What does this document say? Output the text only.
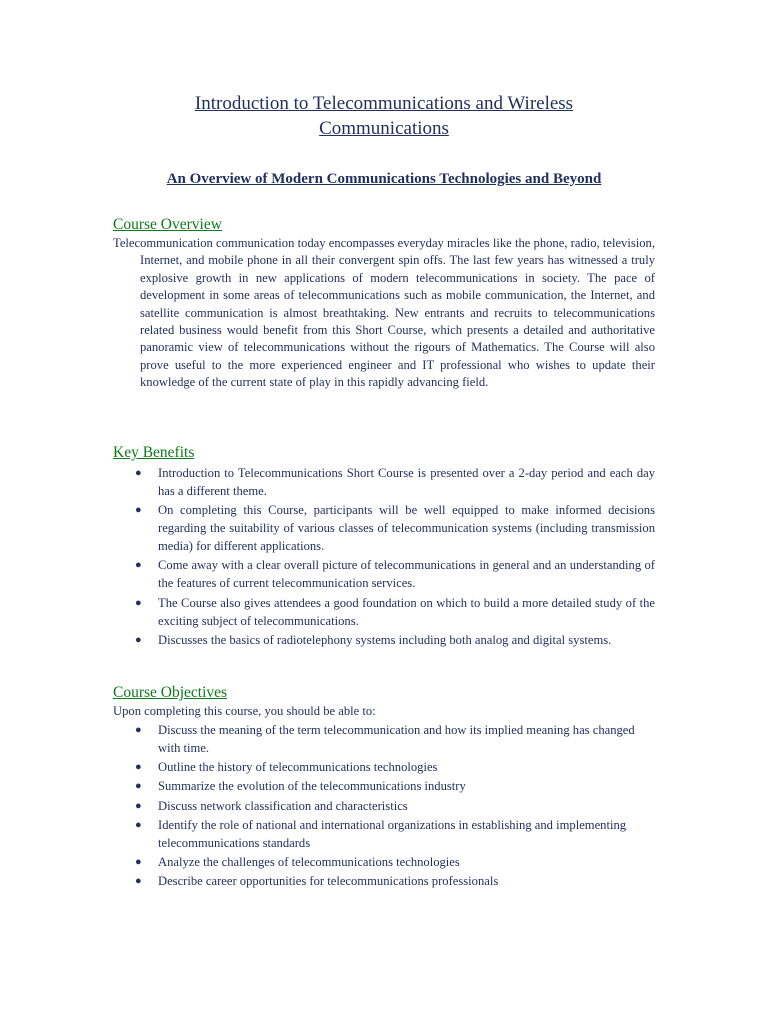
Introduction to Telecommunications and Wireless
Communications
An Overview of Modern Communications Technologies and Beyond
Course Overview
Telecommunication communication today encompasses everyday miracles like the phone, radio, television, Internet, and mobile phone in all their convergent spin offs. The last few years has witnessed a truly explosive growth in new applications of modern telecommunications in society. The pace of development in some areas of telecommunications such as mobile communication, the Internet, and satellite communication is almost breathtaking. New entrants and recruits to telecommunications related business would benefit from this Short Course, which presents a detailed and authoritative panoramic view of telecommunications without the rigours of Mathematics. The Course will also prove useful to the more experienced engineer and IT professional who wishes to update their knowledge of the current state of play in this rapidly advancing field.
Key Benefits
● Introduction to Telecommunications Short Course is presented over a 2-day period and each day has a different theme.
● On completing this Course, participants will be well equipped to make informed decisions regarding the suitability of various classes of telecommunication systems (including transmission media) for different applications.
● Come away with a clear overall picture of telecommunications in general and an understanding of the features of current telecommunication services.
● The Course also gives attendees a good foundation on which to build a more detailed study of the exciting subject of telecommunications.
● Discusses the basics of radiotelephony systems including both analog and digital systems.
Course Objectives
Upon completing this course, you should be able to:
● Discuss the meaning of the term telecommunication and how its implied meaning has changed with time.
● Outline the history of telecommunications technologies
● Summarize the evolution of the telecommunications industry
● Discuss network classification and characteristics
● Identify the role of national and international organizations in establishing and implementing telecommunications standards
● Analyze the challenges of telecommunications technologies
● Describe career opportunities for telecommunications professionals
